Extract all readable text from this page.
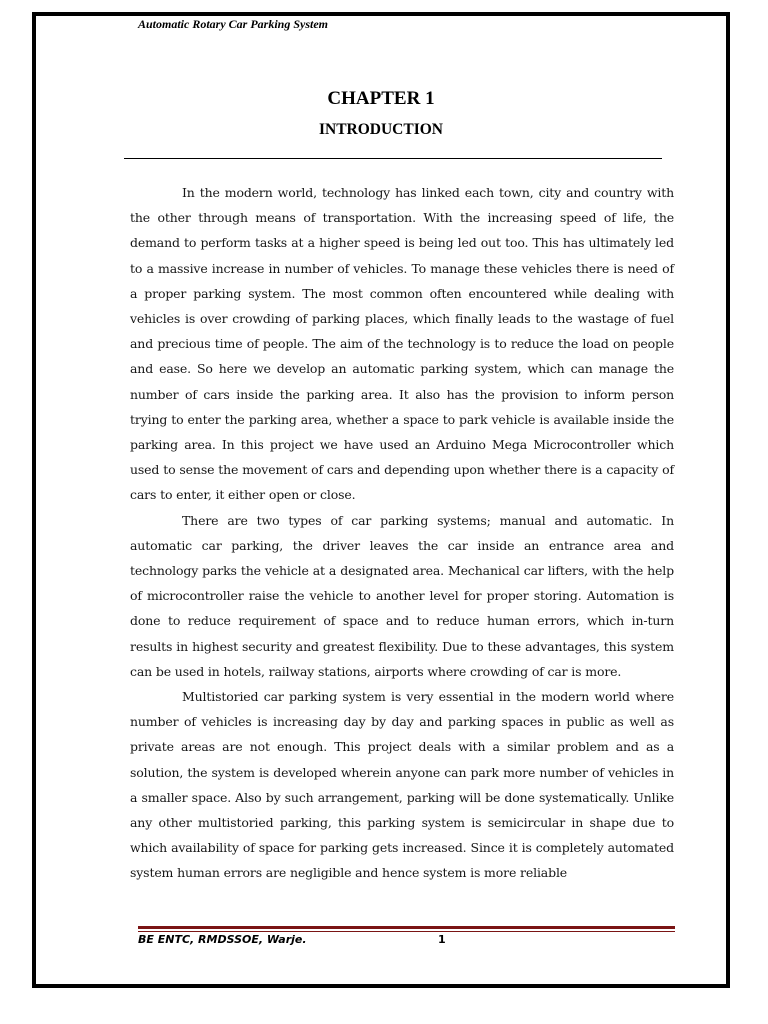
Automatic Rotary Car Parking System
CHAPTER 1
INTRODUCTION

In the modern world, technology has linked each town, city and country with the other through means of transportation. With the increasing speed of life, the demand to perform tasks at a higher speed is being led out too. This has ultimately led to a massive increase in number of vehicles. To manage these vehicles there is need of a proper parking system. The most common often encountered while dealing with vehicles is over crowding of parking places, which finally leads to the wastage of fuel and precious time of people. The aim of the technology is to reduce the load on people and ease. So here we develop an automatic parking system, which can manage the number of cars inside the parking area. It also has the provision to inform person trying to enter the parking area, whether a space to park vehicle is available inside the parking area. In this project we have used an Arduino Mega Microcontroller which used to sense the movement of cars and depending upon whether there is a capacity of cars to enter, it either open or close.

There are two types of car parking systems; manual and automatic. In automatic car parking, the driver leaves the car inside an entrance area and technology parks the vehicle at a designated area. Mechanical car lifters, with the help of microcontroller raise the vehicle to another level for proper storing. Automation is done to reduce requirement of space and to reduce human errors, which in-turn results in highest security and greatest flexibility. Due to these advantages, this system can be used in hotels, railway stations, airports where crowding of car is more.

Multistoried car parking system is very essential in the modern world where number of vehicles is increasing day by day and parking spaces in public as well as private areas are not enough. This project deals with a similar problem and as a solution, the system is developed wherein anyone can park more number of vehicles in a smaller space. Also by such arrangement, parking will be done systematically. Unlike any other multistoried parking, this parking system is semicircular in shape due to which availability of space for parking gets increased. Since it is completely automated system human errors are negligible and hence system is more reliable

BE ENTC, RMDSSOE, Warje.	1
